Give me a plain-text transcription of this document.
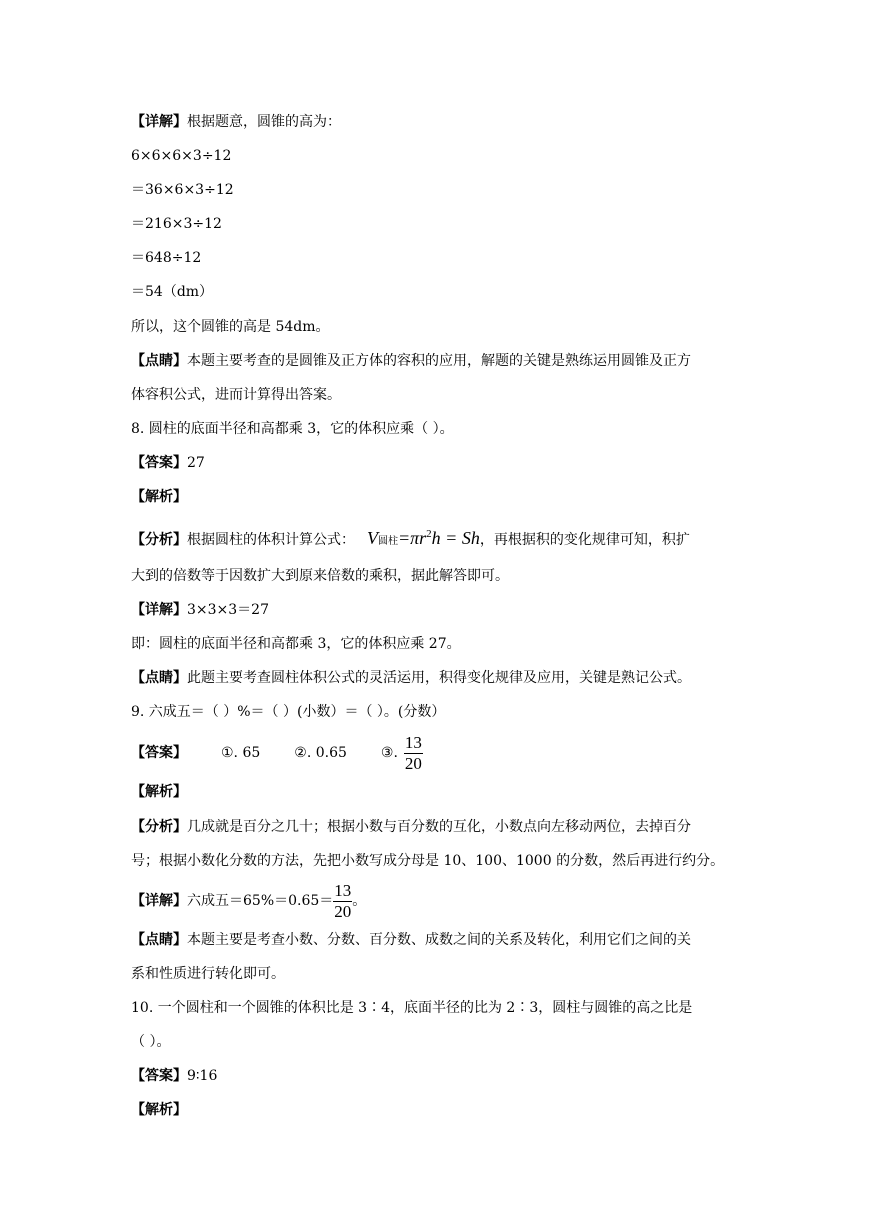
【详解】根据题意，圆锥的高为：
6×6×6×3÷12
＝36×6×3÷12
＝216×3÷12
＝648÷12
＝54（dm）
所以，这个圆锥的高是 54dm。
【点睛】本题主要考查的是圆锥及正方体的容积的应用，解题的关键是熟练运用圆锥及正方
体容积公式，进而计算得出答案。
8. 圆柱的底面半径和高都乘 3，它的体积应乘（ ）。
【答案】27
【解析】
【分析】根据圆柱的体积计算公式： V圆柱$=\pi r^2h = Sh$，再根据积的变化规律可知，积扩
大到的倍数等于因数扩大到原来倍数的乘积，据此解答即可。
【详解】3×3×3＝27
即：圆柱的底面半径和高都乘 3，它的体积应乘 27。
【点睛】此题主要考查圆柱体积公式的灵活运用，积得变化规律及应用，关键是熟记公式。
9. 六成五＝（ ）%＝（ ）(小数）＝（ ）。(分数）
【答案】 ①. 65 ②. 0.65 ③. $\frac{13}{20}$
【解析】
【分析】几成就是百分之几十；根据小数与百分数的互化，小数点向左移动两位，去掉百分
号；根据小数化分数的方法，先把小数写成分母是 10、100、1000 的分数，然后再进行约分。
【详解】六成五$=65\%=0.65= \frac{13}{20}$ 。
【点睛】本题主要是考查小数、分数、百分数、成数之间的关系及转化，利用它们之间的关
系和性质进行转化即可。
10. 一个圆柱和一个圆锥的体积比是 3∶4，底面半径的比为 2∶3，圆柱与圆锥的高之比是
（ ）。
【答案】9∶16
【解析】
